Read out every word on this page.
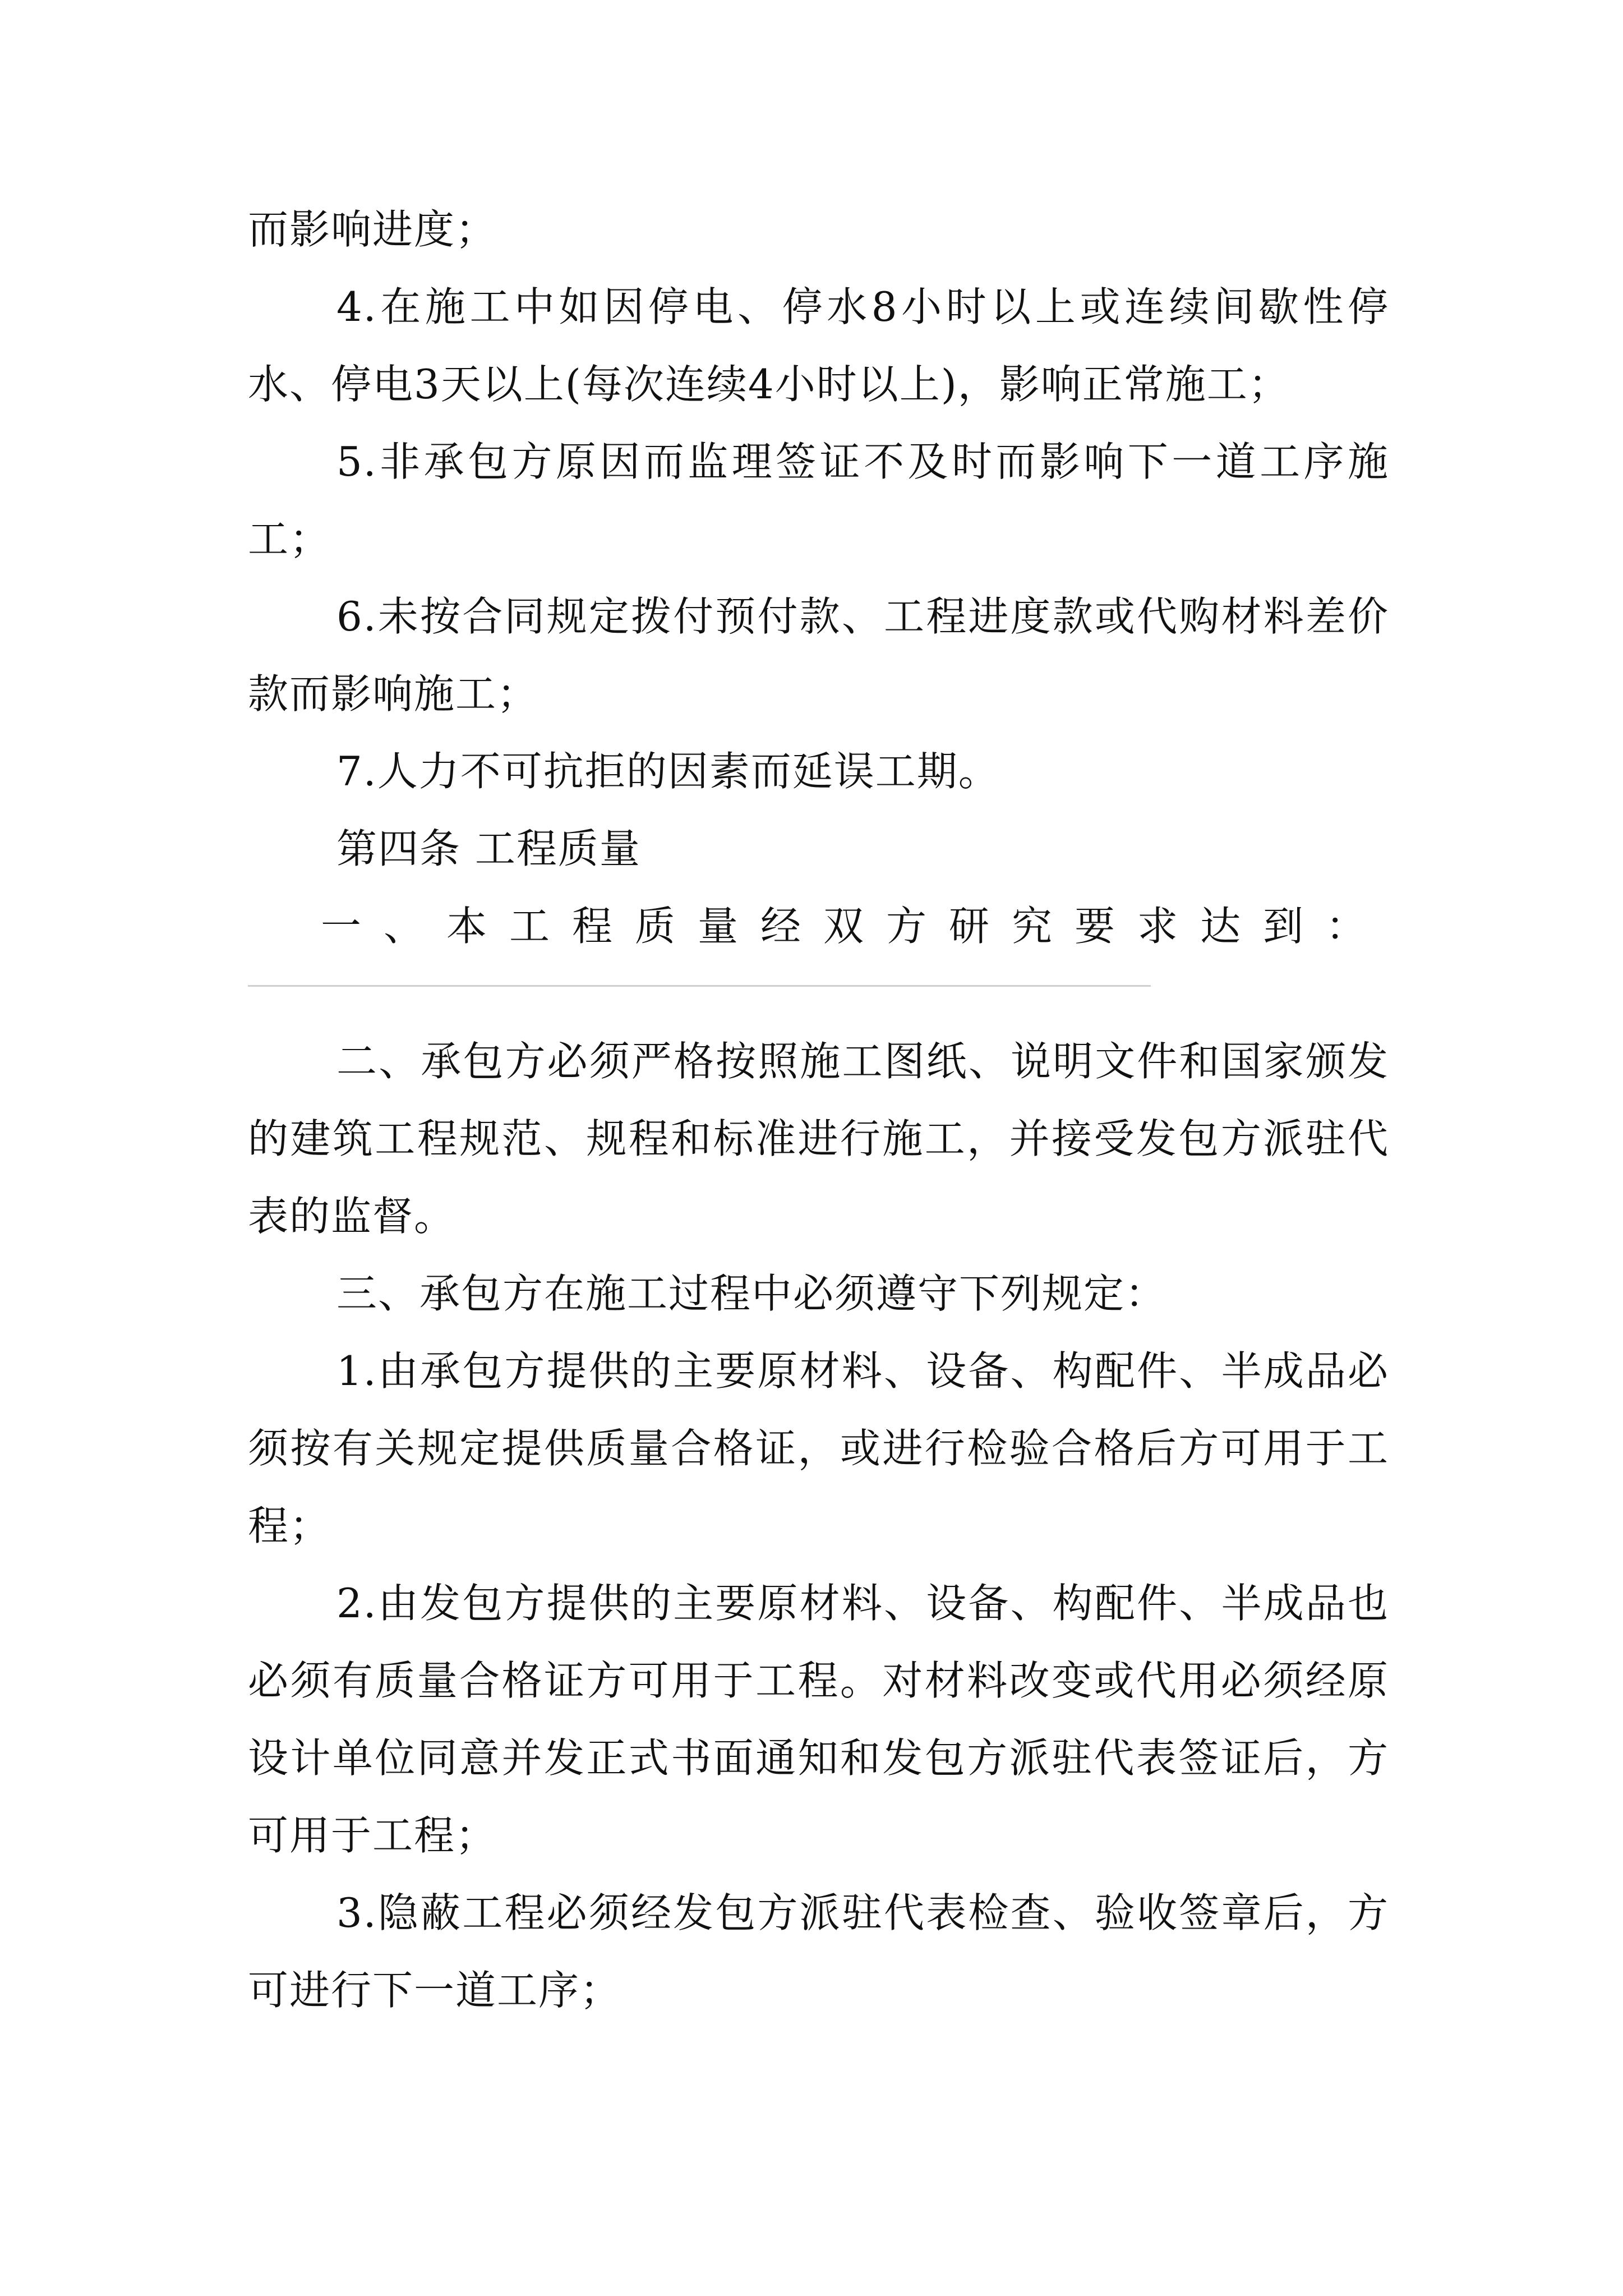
而影响进度；

4.在施工中如因停电、停水8小时以上或连续间歇性停水、停电3天以上(每次连续4小时以上)，影响正常施工；

5.非承包方原因而监理签证不及时而影响下一道工序施工；

6.未按合同规定拨付预付款、工程进度款或代购材料差价款而影响施工；

7.人力不可抗拒的因素而延误工期。

第四条 工程质量

一、本工程质量经双方研究要求达到：

二、承包方必须严格按照施工图纸、说明文件和国家颁发的建筑工程规范、规程和标准进行施工，并接受发包方派驻代表的监督。

三、承包方在施工过程中必须遵守下列规定：

1.由承包方提供的主要原材料、设备、构配件、半成品必须按有关规定提供质量合格证，或进行检验合格后方可用于工程；

2.由发包方提供的主要原材料、设备、构配件、半成品也必须有质量合格证方可用于工程。对材料改变或代用必须经原设计单位同意并发正式书面通知和发包方派驻代表签证后，方可用于工程；

3.隐蔽工程必须经发包方派驻代表检查、验收签章后，方可进行下一道工序；
